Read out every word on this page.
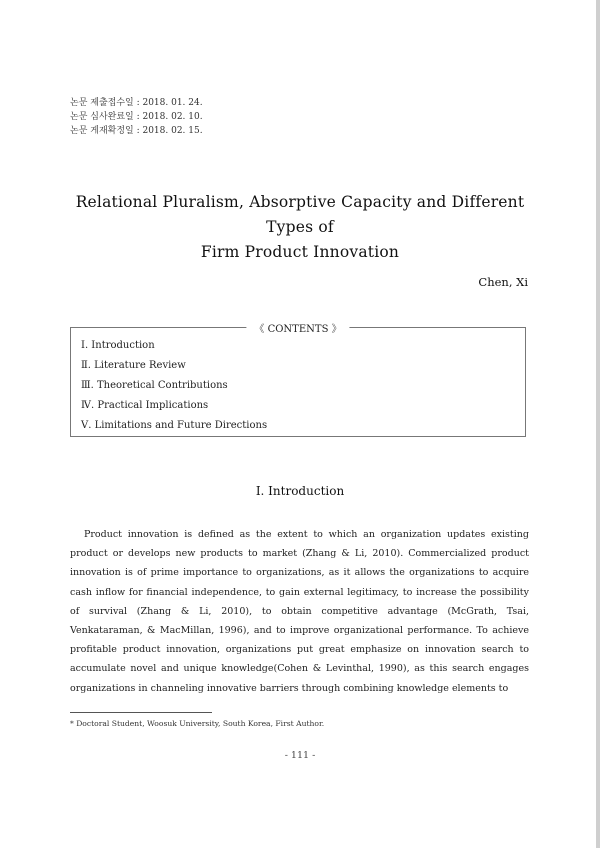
논문 제출접수일 : 2018. 01. 24.
논문 심사완료일 : 2018. 02. 10.
논문 게재확정일 : 2018. 02. 15.
Relational Pluralism, Absorptive Capacity and Different Types of
Firm Product Innovation
Chen, Xi
《 CONTENTS 》
Ⅰ. Introduction
Ⅱ. Literature Review
Ⅲ. Theoretical Contributions
Ⅳ. Practical Implications
Ⅴ. Limitations and Future Directions
Ⅰ. Introduction

Product innovation is defined as the extent to which an organization updates existing product or develops new products to market (Zhang & Li, 2010). Commercialized product innovation is of prime importance to organizations, as it allows the organizations to acquire cash inflow for financial independence, to gain external legitimacy, to increase the possibility of survival (Zhang & Li, 2010), to obtain competitive advantage (McGrath, Tsai, Venkataraman, & MacMillan, 1996), and to improve organizational performance. To achieve profitable product innovation, organizations put great emphasize on innovation search to accumulate novel and unique knowledge(Cohen & Levinthal, 1990), as this search engages organizations in channeling innovative barriers through combining knowledge elements to

* Doctoral Student, Woosuk University, South Korea, First Author.
- 111 -
